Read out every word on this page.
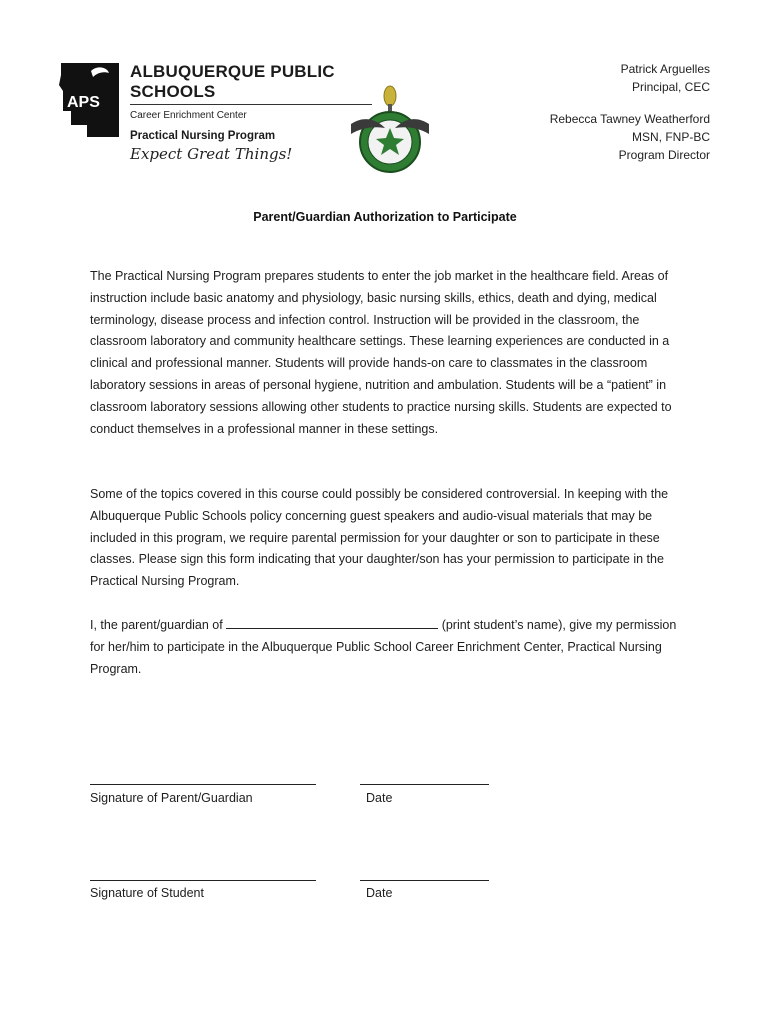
APS
ALBUQUERQUE PUBLIC SCHOOLS
Career Enrichment Center
Practical Nursing Program
Expect Great Things!
Patrick Arguelles
Principal, CEC
Rebecca Tawney Weatherford
MSN, FNP-BC
Program Director
Parent/Guardian Authorization to Participate
The Practical Nursing Program prepares students to enter the job market in the healthcare field. Areas of instruction include basic anatomy and physiology, basic nursing skills, ethics, death and dying, medical terminology, disease process and infection control. Instruction will be provided in the classroom, the classroom laboratory and community healthcare settings. These learning experiences are conducted in a clinical and professional manner. Students will provide hands-on care to classmates in the classroom laboratory sessions in areas of personal hygiene, nutrition and ambulation. Students will be a “patient” in classroom laboratory sessions allowing other students to practice nursing skills. Students are expected to conduct themselves in a professional manner in these settings.
Some of the topics covered in this course could possibly be considered controversial. In keeping with the Albuquerque Public Schools policy concerning guest speakers and audio-visual materials that may be included in this program, we require parental permission for your daughter or son to participate in these classes. Please sign this form indicating that your daughter/son has your permission to participate in the Practical Nursing Program.
I, the parent/guardian of	(print student’s name), give my permission for her/him to participate in the Albuquerque Public School Career Enrichment Center, Practical Nursing Program.
Signature of Parent/Guardian	Date
Signature of Student	Date
